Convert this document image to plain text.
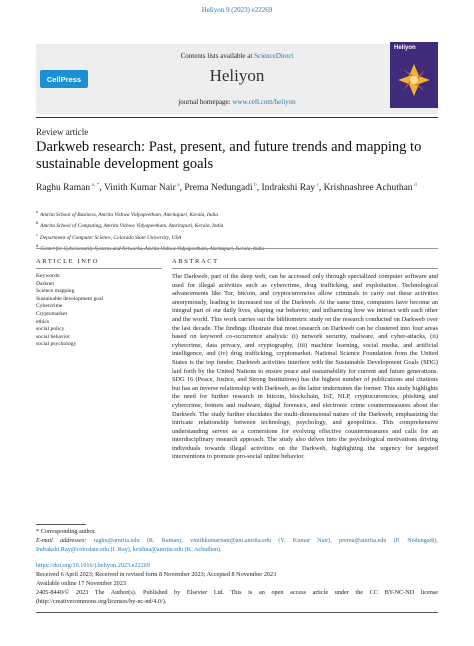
Heliyon 9 (2023) e22269
CellPress
Contents lists available at ScienceDirect
Heliyon
journal homepage: www.cell.com/heliyon
Heliyon
Review article
Darkweb research: Past, present, and future trends and mapping to sustainable development goals
Raghu Raman $^{a, *}$, Vinith Kumar Nair $^a$, Prema Nedungadi $^b$, Indrakshi Ray $^c$, Krishnashree Achuthan $^d$
$^a$Amrita School of Business, Amrita Vishwa Vidyapeetham, Amritapuri, Kerala, India
$^b$Amrita School of Computing, Amrita Vishwa Vidyapeetham, Amritapuri, Kerala, India
$^c$Department of Computer Science, Colorado State University, USA
$^d$
ARTICLE INFO	ABSTRACT
Keywords:
Darknet
Science mapping
Sustainable development goal
Cybercrime
Cryptomarket
ethics
social policy
social behavior
social psychology
The Darkweb, part of the deep web, can be accessed only through specialized computer software and used for illegal activities such as cybercrime, drug trafficking, and exploitation. Technological advancements like Tor, bitcoin, and cryptocurrencies allow criminals to carry out these activities anonymously, leading to increased use of the Darkweb. At the same time, computers have become an integral part of our daily lives, shaping our behavior, and influencing how we interact with each other and the world. This work carries out the bibliometric study on the research conducted on Darkweb over the last decade. The findings illustrate that most research on Darkweb can be clustered into four areas based on keyword co-occurrence analysis: (i) network security, malware, and cyber-attacks, (ii) cybercrime, data privacy, and cryptography, (iii) machine learning, social media, and artificial intelligence, and (iv) drug trafficking, cryptomarket. National Science Foundation from the United States is the top funder. Darkweb activities interfere with the Sustainable Development Goals (SDG) laid forth by the United Nations to ensure peace and sustainability for current and future generations. SDG 16 (Peace, Justice, and Strong Institutions) has the highest number of publications and citations but has an inverse relationship with Darkweb, as the latter undermines the former. This study highlights the need for further research in bitcoin, blockchain, IoT, NLP, cryptocurrencies, phishing and cybercrime, botnets and malware, digital forensics, and electronic crime countermeasures about the Darkweb. The study further elucidates the multi-dimensional nature of the Darkweb, emphasizing the intricate relationship between technology, psychology, and geopolitics. This comprehensive understanding serves as a cornerstone for evolving effective countermeasures and calls for an interdisciplinary research approach. The study also delves into the psychological motivations driving individuals towards illegal activities on the Darkweb, highlighting the urgency for targeted interventions to promote pro-social online behavior.
* Corresponding author.
E-mail addresses: raghu@amrita.edu (R. Raman), vinithkumarnair@am.amrita.edu (V. Kumar Nair), prema@amrita.edu (P. Nedungadi), Indrakshi.Ray@colostate.edu (I. Ray), krishna@amrita.edu (K. Achuthan).
https://doi.org/10.1016/j.heliyon.2023.e22269
Received 6 April 2023; Received in revised form 8 November 2023; Accepted 8 November 2023
Available online 17 November 2023
2405-8440/© 2023 The Author(s). Published by Elsevier Ltd. This is an open access article under the CC BY-NC-ND license (http://creativecommons.org/licenses/by-nc-nd/4.0/).
